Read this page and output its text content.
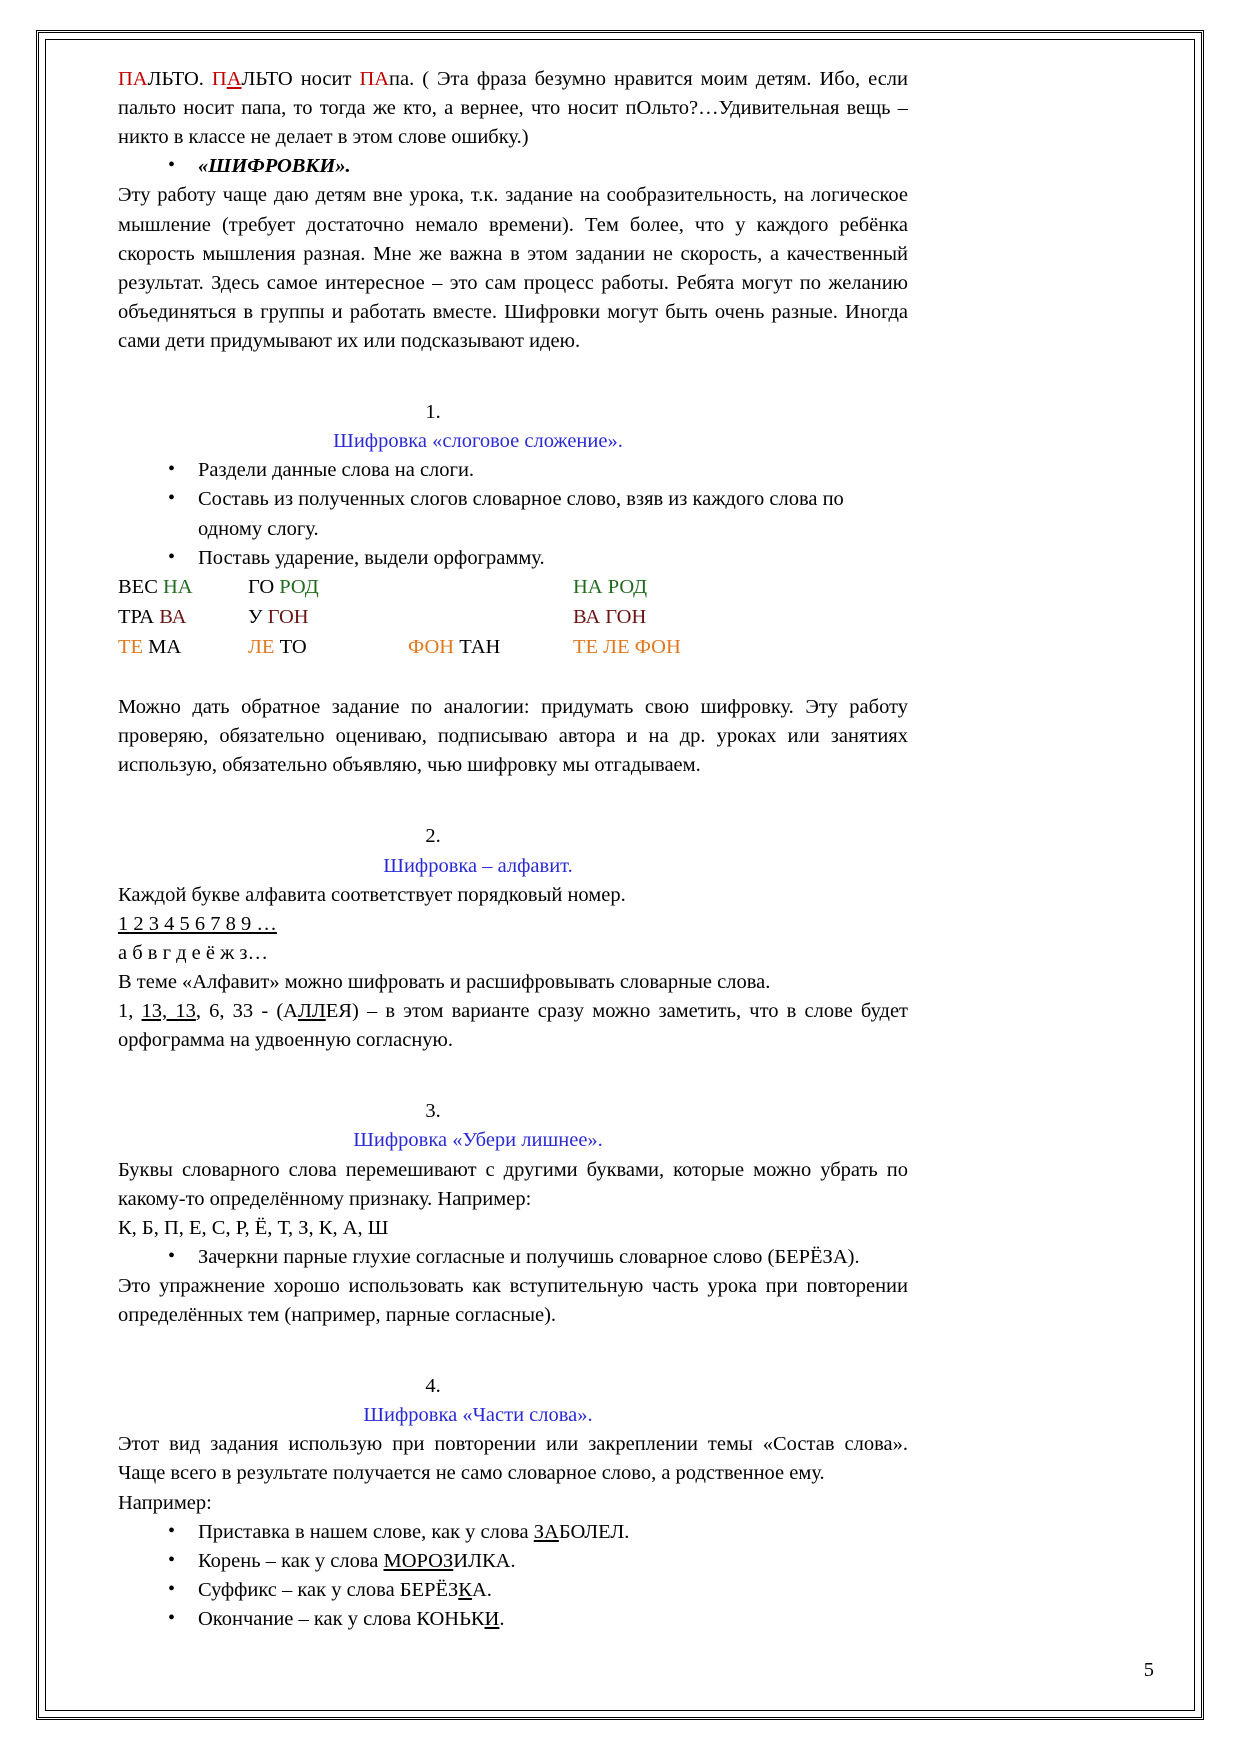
ПАЛЬТО. ПАЛЬТО носит ПАпа. ( Эта фраза безумно нравится моим детям. Ибо, если пальто носит папа, то тогда же кто, а вернее, что носит пОльто?…Удивительная вещь – никто в классе не делает в этом слове ошибку.)

• «ШИФРОВКИ».

Эту работу чаще даю детям вне урока, т.к. задание на сообразительность, на логическое мышление (требует достаточно немало времени). Тем более, что у каждого ребёнка скорость мышления разная. Мне же важна в этом задании не скорость, а качественный результат. Здесь самое интересное – это сам процесс работы. Ребята могут по желанию объединяться в группы и работать вместе. Шифровки могут быть очень разные. Иногда сами дети придумывают их или подсказывают идею.

1.

Шифровка «слоговое сложение».

• Раздели данные слова на слоги.
• Составь из полученных слогов словарное слово, взяв из каждого слова по одному слогу.
• Поставь ударение, выдели орфограмму.
ВЕС НА	ГО РОД		НА РОД
ТРА ВА	У ГОН		ВА ГОН
ТЕ МА	ЛЕ ТО	ФОН ТАН	ТЕ ЛЕ ФОН

Можно дать обратное задание по аналогии: придумать свою шифровку. Эту работу проверяю, обязательно оцениваю, подписываю автора и на др. уроках или занятиях использую, обязательно объявляю, чью шифровку мы отгадываем.

2.

Шифровка – алфавит.

Каждой букве алфавита соответствует порядковый номер.

1 2 3 4 5 6 7 8 9 …

а б в г д е ё ж з…

В теме «Алфавит» можно шифровать и расшифровывать словарные слова.

1, 13, 13, 6, 33 - (АЛЛЕЯ) – в этом варианте сразу можно заметить, что в слове будет орфограмма на удвоенную согласную.

3.

Шифровка «Убери лишнее».

Буквы словарного слова перемешивают с другими буквами, которые можно убрать по какому-то определённому признаку. Например:

К, Б, П, Е, С, Р, Ё, Т, З, К, А, Ш

• Зачеркни парные глухие согласные и получишь словарное слово (БЕРЁЗА).

Это упражнение хорошо использовать как вступительную часть урока при повторении определённых тем (например, парные согласные).

4.

Шифровка «Части слова».

Этот вид задания использую при повторении или закреплении темы «Состав слова». Чаще всего в результате получается не само словарное слово, а родственное ему.

Например:

• Приставка в нашем слове, как у слова ЗАБОЛЕЛ.
• Корень – как у слова МОРОЗИЛКА.
• Суффикс – как у слова БЕРЁЗКА.
• Окончание – как у слова КОНЬКИ.
5
